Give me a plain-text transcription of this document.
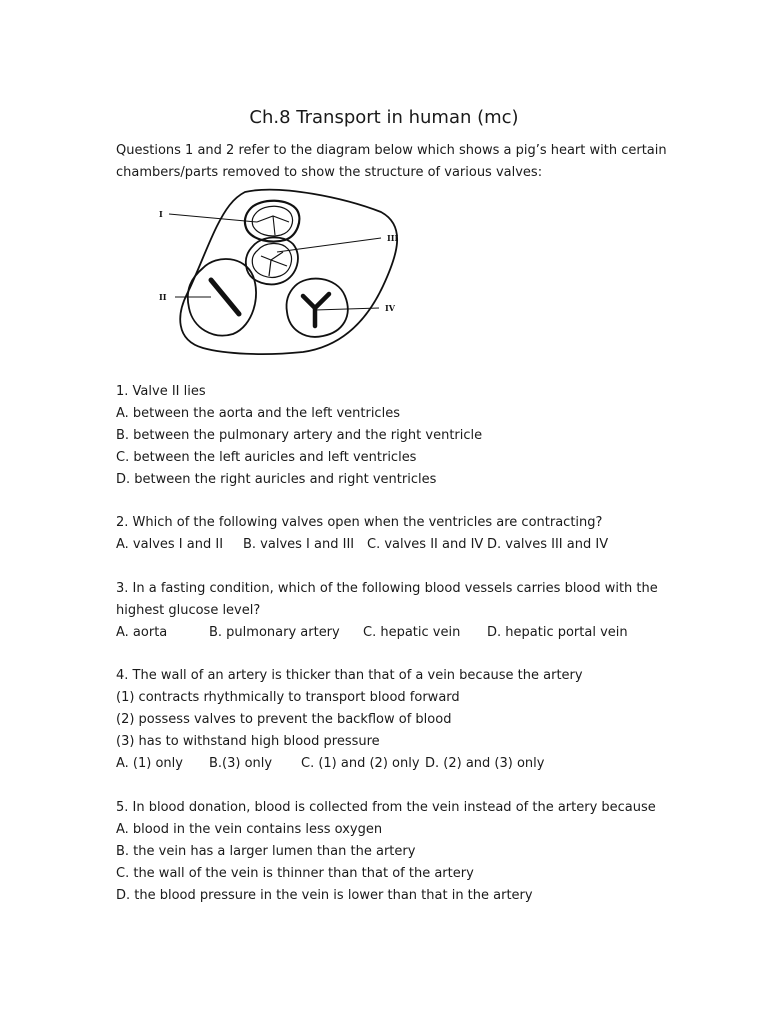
Ch.8 Transport in human (mc)
Questions 1 and 2 refer to the diagram below which shows a pig’s heart with certain
chambers/parts removed to show the structure of various valves:
I
II
III
IV
1. Valve II lies
A. between the aorta and the left ventricles
B. between the pulmonary artery and the right ventricle
C. between the left auricles and left ventricles
D. between the right auricles and right ventricles
2. Which of the following valves open when the ventricles are contracting?
A. valves I and II B. valves I and III C. valves II and IV D. valves III and IV
3. In a fasting condition, which of the following blood vessels carries blood with the
highest glucose level?
A. aorta	B. pulmonary artery C. hepatic vein D. hepatic portal vein
4. The wall of an artery is thicker than that of a vein because the artery
(1) contracts rhythmically to transport blood forward
(2) possess valves to prevent the backflow of blood
(3) has to withstand high blood pressure
A. (1) only B.(3) only C. (1) and (2) only D. (2) and (3) only
5. In blood donation, blood is collected from the vein instead of the artery because
A. blood in the vein contains less oxygen
B. the vein has a larger lumen than the artery
C. the wall of the vein is thinner than that of the artery
D. the blood pressure in the vein is lower than that in the artery
